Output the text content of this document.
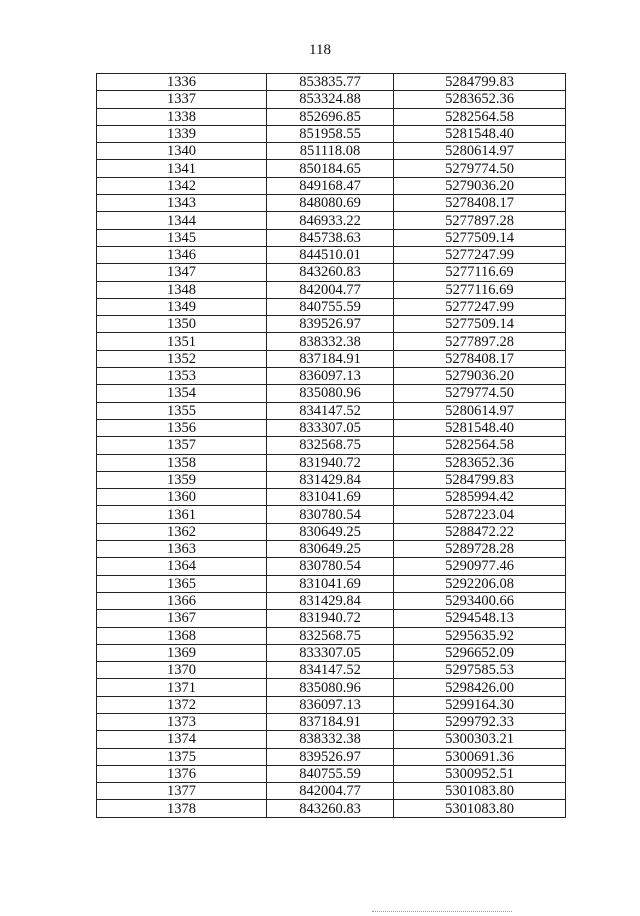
118
1336	853835.77	5284799.83
1337	853324.88	5283652.36
1338	852696.85	5282564.58
1339	851958.55	5281548.40
1340	851118.08	5280614.97
1341	850184.65	5279774.50
1342	849168.47	5279036.20
1343	848080.69	5278408.17
1344	846933.22	5277897.28
1345	845738.63	5277509.14
1346	844510.01	5277247.99
1347	843260.83	5277116.69
1348	842004.77	5277116.69
1349	840755.59	5277247.99
1350	839526.97	5277509.14
1351	838332.38	5277897.28
1352	837184.91	5278408.17
1353	836097.13	5279036.20
1354	835080.96	5279774.50
1355	834147.52	5280614.97
1356	833307.05	5281548.40
1357	832568.75	5282564.58
1358	831940.72	5283652.36
1359	831429.84	5284799.83
1360	831041.69	5285994.42
1361	830780.54	5287223.04
1362	830649.25	5288472.22
1363	830649.25	5289728.28
1364	830780.54	5290977.46
1365	831041.69	5292206.08
1366	831429.84	5293400.66
1367	831940.72	5294548.13
1368	832568.75	5295635.92
1369	833307.05	5296652.09
1370	834147.52	5297585.53
1371	835080.96	5298426.00
1372	836097.13	5299164.30
1373	837184.91	5299792.33
1374	838332.38	5300303.21
1375	839526.97	5300691.36
1376	840755.59	5300952.51
1377	842004.77	5301083.80
1378	843260.83	5301083.80
